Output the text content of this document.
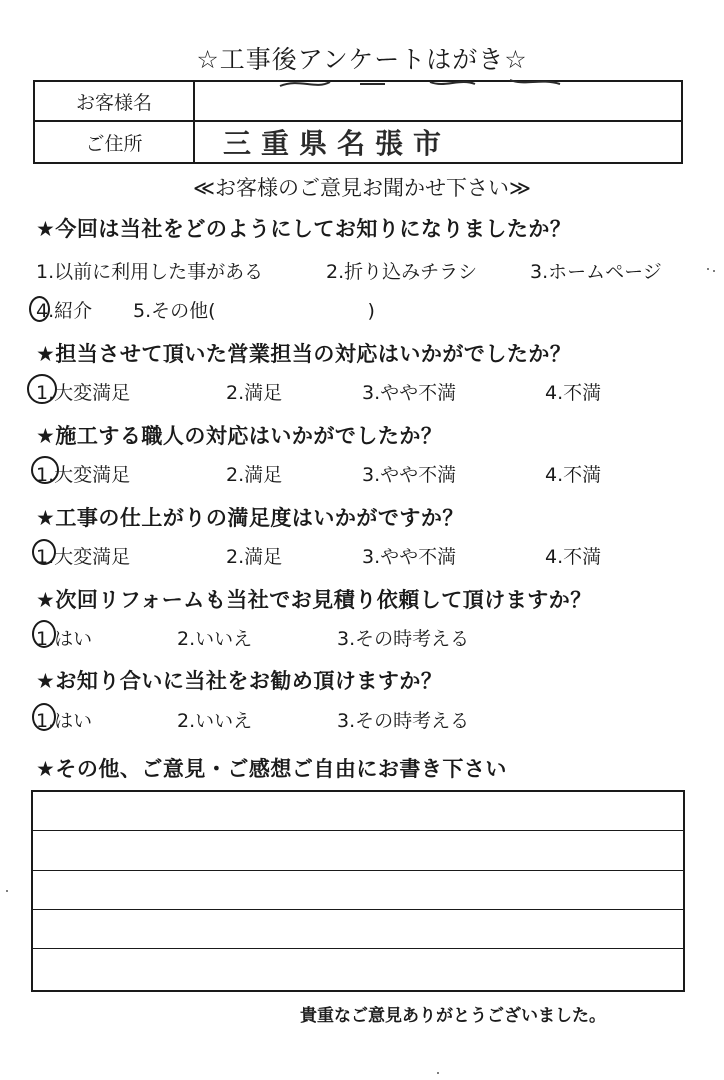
☆工事後アンケートはがき☆
お客様名	

ご住所	三重県名張市
≪お客様のご意見お聞かせ下さい≫
★今回は当社をどのようにしてお知りになりましたか？
1.以前に利用した事がある	2.折り込みチラシ	3.ホームページ
4.紹介 5.その他(　　　　　　　　)
★担当させて頂いた営業担当の対応はいかがでしたか？
1.大変満足	2.満足	3.やや不満	4.不満
★施工する職人の対応はいかがでしたか？
1.大変満足	2.満足	3.やや不満	4.不満
★工事の仕上がりの満足度はいかがですか？
1.大変満足	2.満足	3.やや不満	4.不満
★次回リフォームも当社でお見積り依頼して頂けますか？
1.はい	2.いいえ	3.その時考える
★お知り合いに当社をお勧め頂けますか？
1.はい	2.いいえ	3.その時考える
★その他、ご意見・ご感想ご自由にお書き下さい
貴重なご意見ありがとうございました。
